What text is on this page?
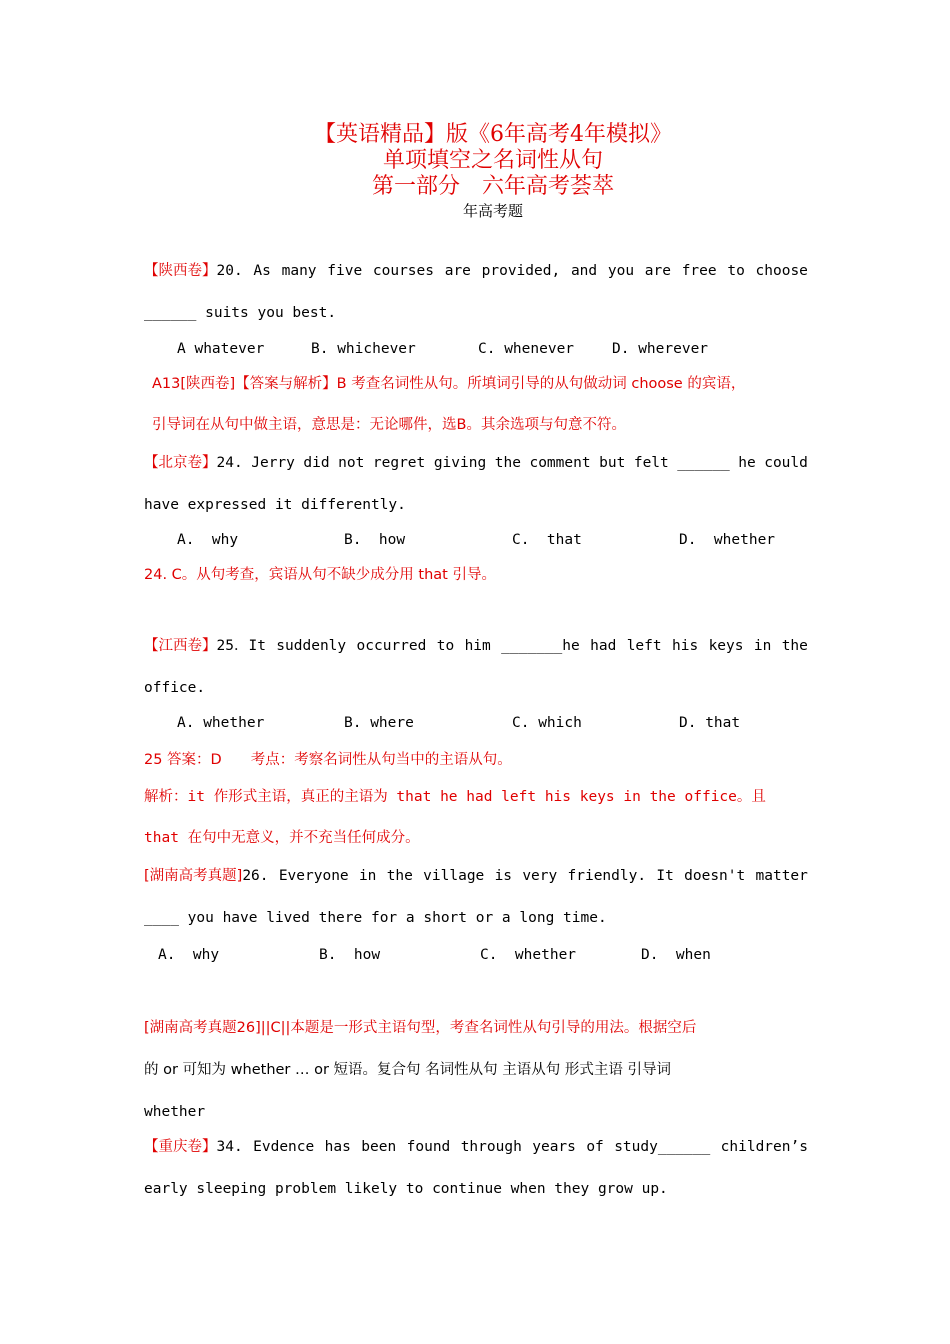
【英语精品】版《6年高考4年模拟》
单项填空之名词性从句
第一部分　六年高考荟萃
年高考题
【陕西卷】20. As many five courses are provided, and you are free to choose
______ suits you best.
A whatever	B. whichever	C. whenever	D. wherever
A13[陕西卷]【答案与解析】B 考查名词性从句。所填词引导的从句做动词 choose 的宾语，
引导词在从句中做主语，意思是：无论哪件，选B。其余选项与句意不符。
【北京卷】24. Jerry did not regret giving the comment but felt ______ he could
have expressed it differently.
A.  why	B.  how	C.  that	D.  whether
24. C。从句考查，宾语从句不缺少成分用 that 引导。
【江西卷】25．It suddenly occurred to him _______he had left his keys in the
office.
A. whether	B. where	C. which	D. that
25 答案：D　　考点：考察名词性从句当中的主语从句。
解析：it 作形式主语，真正的主语为 that he had left his keys in the office。且
that 在句中无意义，并不充当任何成分。
[湖南高考真题]26. Everyone in the village is very friendly. It doesn't matter
____ you have lived there for a short or a long time.
A.  why	B.  how	C.  whether	D.  when
[湖南高考真题26]||C||本题是一形式主语句型，考查名词性从句引导的用法。根据空后
的 or 可知为 whether … or 短语。复合句 名词性从句 主语从句 形式主语 引导词
whether
【重庆卷】34. Evdence has been found through years of study______ children’s
early sleeping problem likely to continue when they grow up.
